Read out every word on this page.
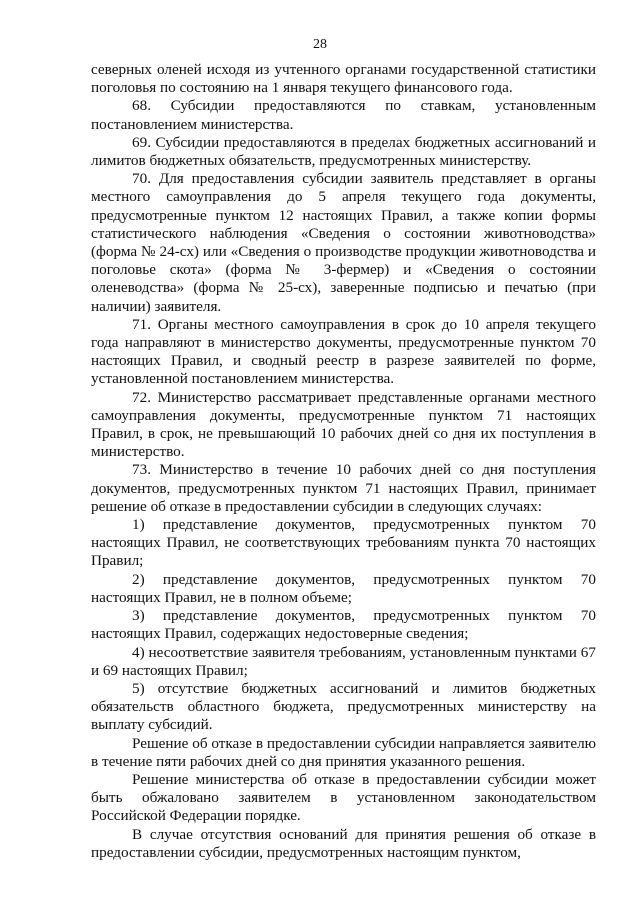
28

северных оленей исходя из учтенного органами государственной статистики поголовья по состоянию на 1 января текущего финансового года.

68. Субсидии предоставляются по ставкам, установленным постановлением министерства.

69. Субсидии предоставляются в пределах бюджетных ассигнований и лимитов бюджетных обязательств, предусмотренных министерству.

70. Для предоставления субсидии заявитель представляет в органы местного самоуправления до 5 апреля текущего года документы, предусмотренные пунктом 12 настоящих Правил, а также копии формы статистического наблюдения «Сведения о состоянии животноводства» (форма № 24-сх) или «Сведения о производстве продукции животноводства и поголовье скота» (форма № 3-фермер) и «Сведения о состоянии оленеводства» (форма № 25-сх), заверенные подписью и печатью (при наличии) заявителя.

71. Органы местного самоуправления в срок до 10 апреля текущего года направляют в министерство документы, предусмотренные пунктом 70 настоящих Правил, и сводный реестр в разрезе заявителей по форме, установленной постановлением министерства.

72. Министерство рассматривает представленные органами местного самоуправления документы, предусмотренные пунктом 71 настоящих Правил, в срок, не превышающий 10 рабочих дней со дня их поступления в министерство.

73. Министерство в течение 10 рабочих дней со дня поступления документов, предусмотренных пунктом 71 настоящих Правил, принимает решение об отказе в предоставлении субсидии в следующих случаях:

1) представление документов, предусмотренных пунктом 70 настоящих Правил, не соответствующих требованиям пункта 70 настоящих Правил;

2) представление документов, предусмотренных пунктом 70 настоящих Правил, не в полном объеме;

3) представление документов, предусмотренных пунктом 70 настоящих Правил, содержащих недостоверные сведения;

4) несоответствие заявителя требованиям, установленным пунктами 67 и 69 настоящих Правил;

5) отсутствие бюджетных ассигнований и лимитов бюджетных обязательств областного бюджета, предусмотренных министерству на выплату субсидий.

Решение об отказе в предоставлении субсидии направляется заявителю в течение пяти рабочих дней со дня принятия указанного решения.

Решение министерства об отказе в предоставлении субсидии может быть обжаловано заявителем в установленном законодательством Российской Федерации порядке.

В случае отсутствия оснований для принятия решения об отказе в предоставлении субсидии, предусмотренных настоящим пунктом,
